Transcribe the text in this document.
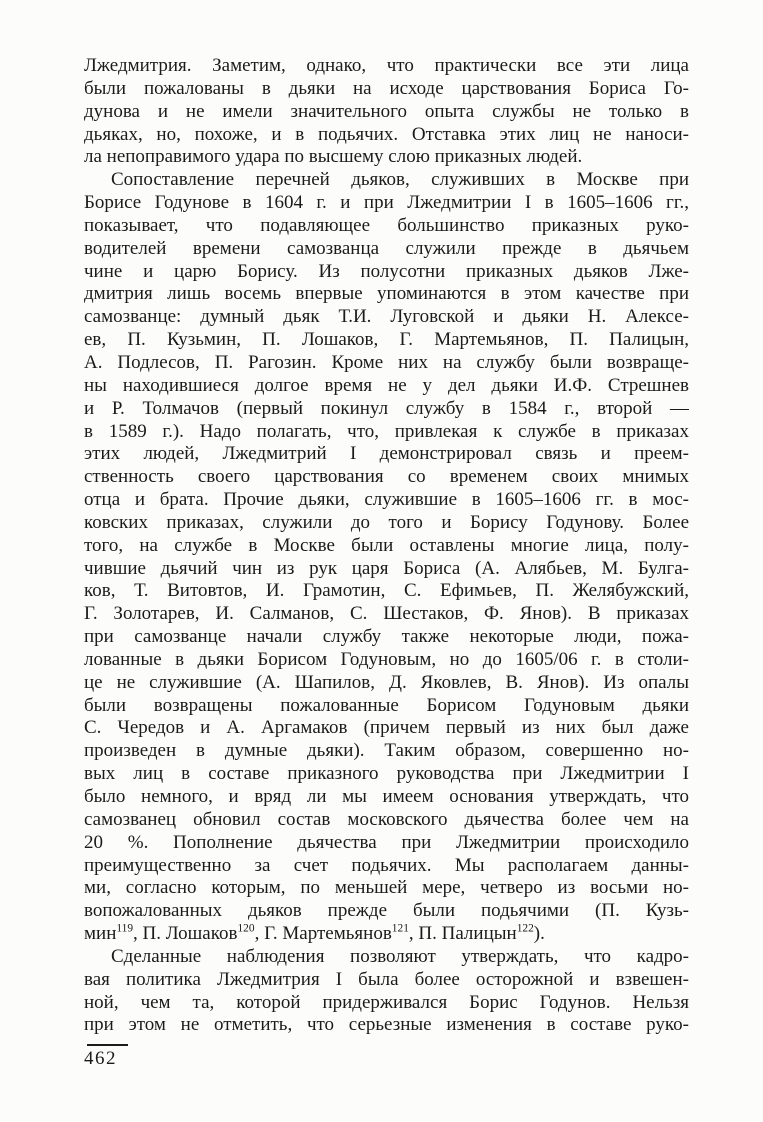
Лжедмитрия. Заметим, однако, что практически все эти лица
были пожалованы в дьяки на исходе царствования Бориса Го-
дунова и не имели значительного опыта службы не только в
дьяках, но, похоже, и в подьячих. Отставка этих лиц не наноси-
ла непоправимого удара по высшему слою приказных людей.
Сопоставление перечней дьяков, служивших в Москве при
Борисе Годунове в 1604 г. и при Лжедмитрии I в 1605–1606 гг.,
показывает, что подавляющее большинство приказных руко-
водителей времени самозванца служили прежде в дьячьем
чине и царю Борису. Из полусотни приказных дьяков Лже-
дмитрия лишь восемь впервые упоминаются в этом качестве при
самозванце: думный дьяк Т.И. Луговской и дьяки Н. Алексе-
ев, П. Кузьмин, П. Лошаков, Г. Мартемьянов, П. Палицын,
А. Подлесов, П. Рагозин. Кроме них на службу были возвраще-
ны находившиеся долгое время не у дел дьяки И.Ф. Стрешнев
и Р. Толмачов (первый покинул службу в 1584 г., второй —
в 1589 г.). Надо полагать, что, привлекая к службе в приказах
этих людей, Лжедмитрий I демонстрировал связь и преем-
ственность своего царствования со временем своих мнимых
отца и брата. Прочие дьяки, служившие в 1605–1606 гг. в мос-
ковских приказах, служили до того и Борису Годунову. Более
того, на службе в Москве были оставлены многие лица, полу-
чившие дьячий чин из рук царя Бориса (А. Алябьев, М. Булга-
ков, Т. Витовтов, И. Грамотин, С. Ефимьев, П. Желябужский,
Г. Золотарев, И. Салманов, С. Шестаков, Ф. Янов). В приказах
при самозванце начали службу также некоторые люди, пожа-
лованные в дьяки Борисом Годуновым, но до 1605/06 г. в столи-
це не служившие (А. Шапилов, Д. Яковлев, В. Янов). Из опалы
были возвращены пожалованные Борисом Годуновым дьяки
С. Чередов и А. Аргамаков (причем первый из них был даже
произведен в думные дьяки). Таким образом, совершенно но-
вых лиц в составе приказного руководства при Лжедмитрии I
было немного, и вряд ли мы имеем основания утверждать, что
самозванец обновил состав московского дьячества более чем на
20 %. Пополнение дьячества при Лжедмитрии происходило
преимущественно за счет подьячих. Мы располагаем данны-
ми, согласно которым, по меньшей мере, четверо из восьми но-
вопожалованных дьяков прежде были подьячими (П. Кузь-
мин$^{119}$, П. Лошаков$^{120}$, Г. Мартемьянов$^{121}$, П. Палицын$^{122}$).
Сделанные наблюдения позволяют утверждать, что кадро-
вая политика Лжедмитрия I была более осторожной и взвешен-
ной, чем та, которой придерживался Борис Годунов. Нельзя
при этом не отметить, что серьезные изменения в составе руко-
462
